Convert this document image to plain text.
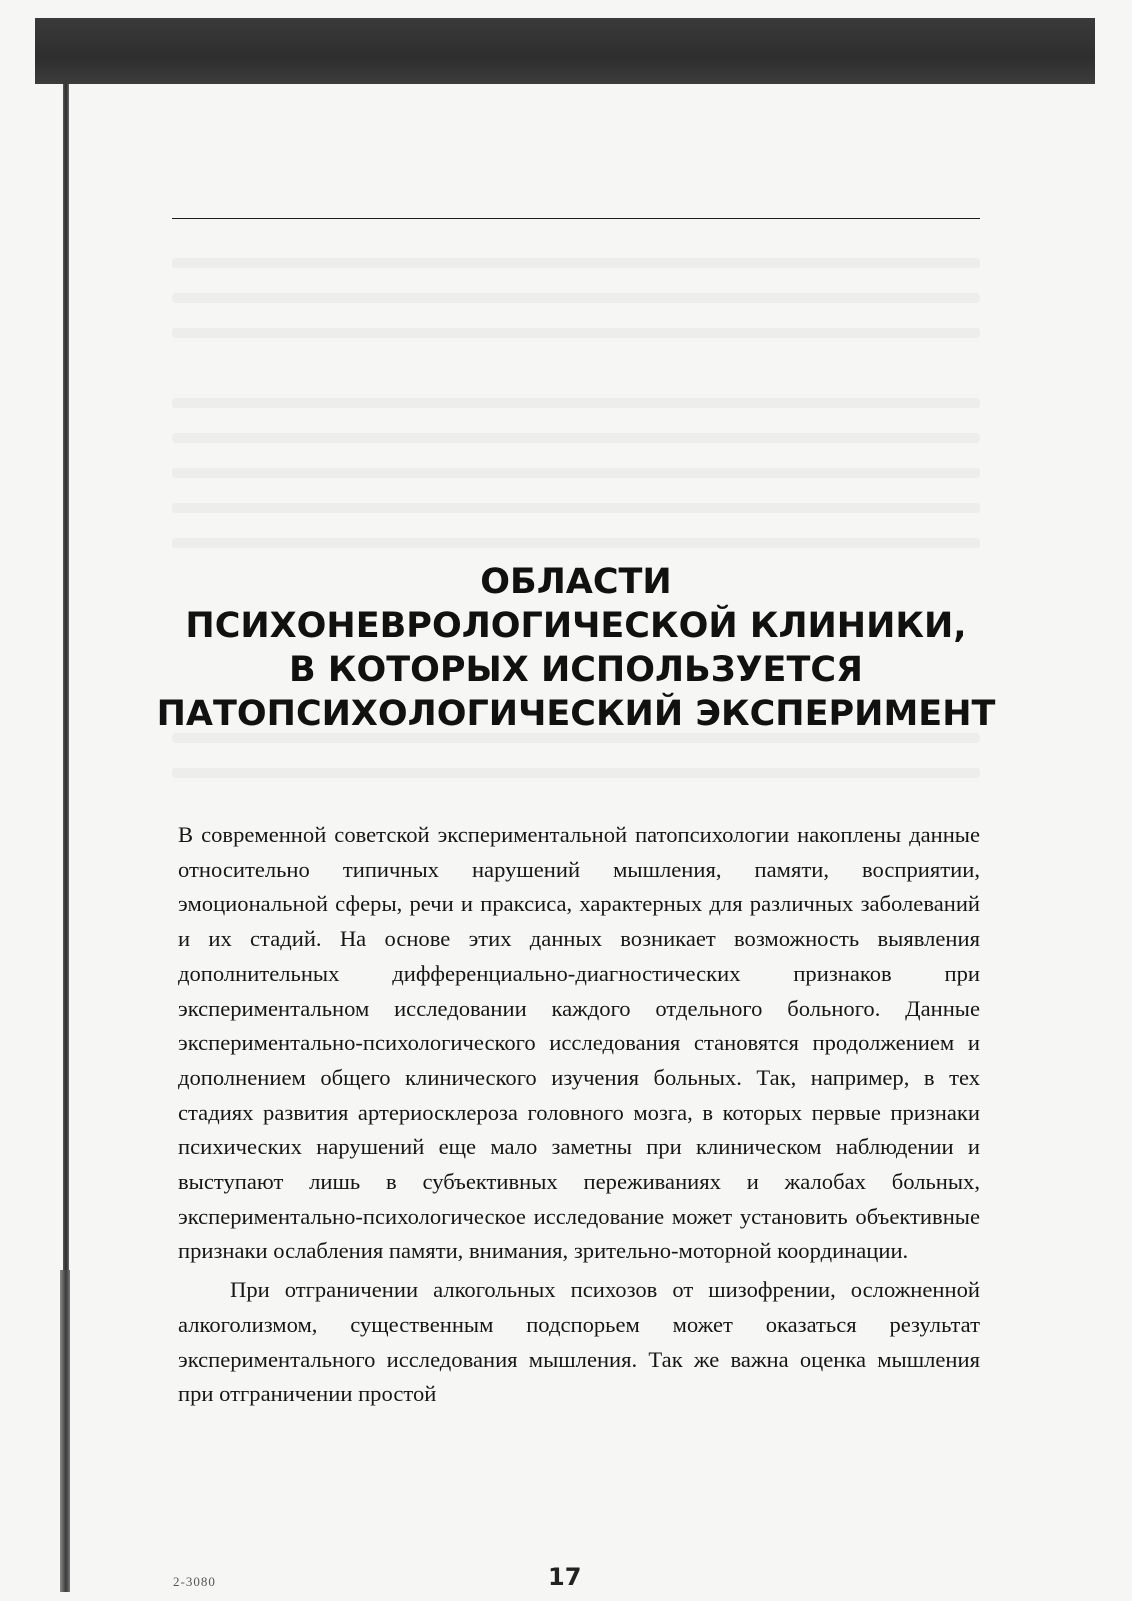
ОБЛАСТИ
ПСИХОНЕВРОЛОГИЧЕСКОЙ КЛИНИКИ,
В КОТОРЫХ ИСПОЛЬЗУЕТСЯ
ПАТОПСИХОЛОГИЧЕСКИЙ ЭКСПЕРИМЕНТ

В современной советской экспериментальной патопсихологии накоплены данные относительно типичных нарушений мышления, памяти, восприятии, эмоциональной сферы, речи и праксиса, характерных для различных заболеваний и их стадий. На основе этих данных возникает возможность выявления дополнительных дифференциально-диагностических признаков при экспериментальном исследовании каждого отдельного больного. Данные экспериментально-психологического исследования становятся продолжением и дополнением общего клинического изучения больных. Так, например, в тех стадиях развития артериосклероза головного мозга, в которых первые признаки психических нарушений еще мало заметны при клиническом наблюдении и выступают лишь в субъективных переживаниях и жалобах больных, экспериментально-психологическое исследование может установить объективные признаки ослабления памяти, внимания, зрительно-моторной координации.

При отграничении алкогольных психозов от шизофрении, осложненной алкоголизмом, существенным подспорьем может оказаться результат экспериментального исследования мышления. Так же важна оценка мышления при отграничении простой

2-3080	17
